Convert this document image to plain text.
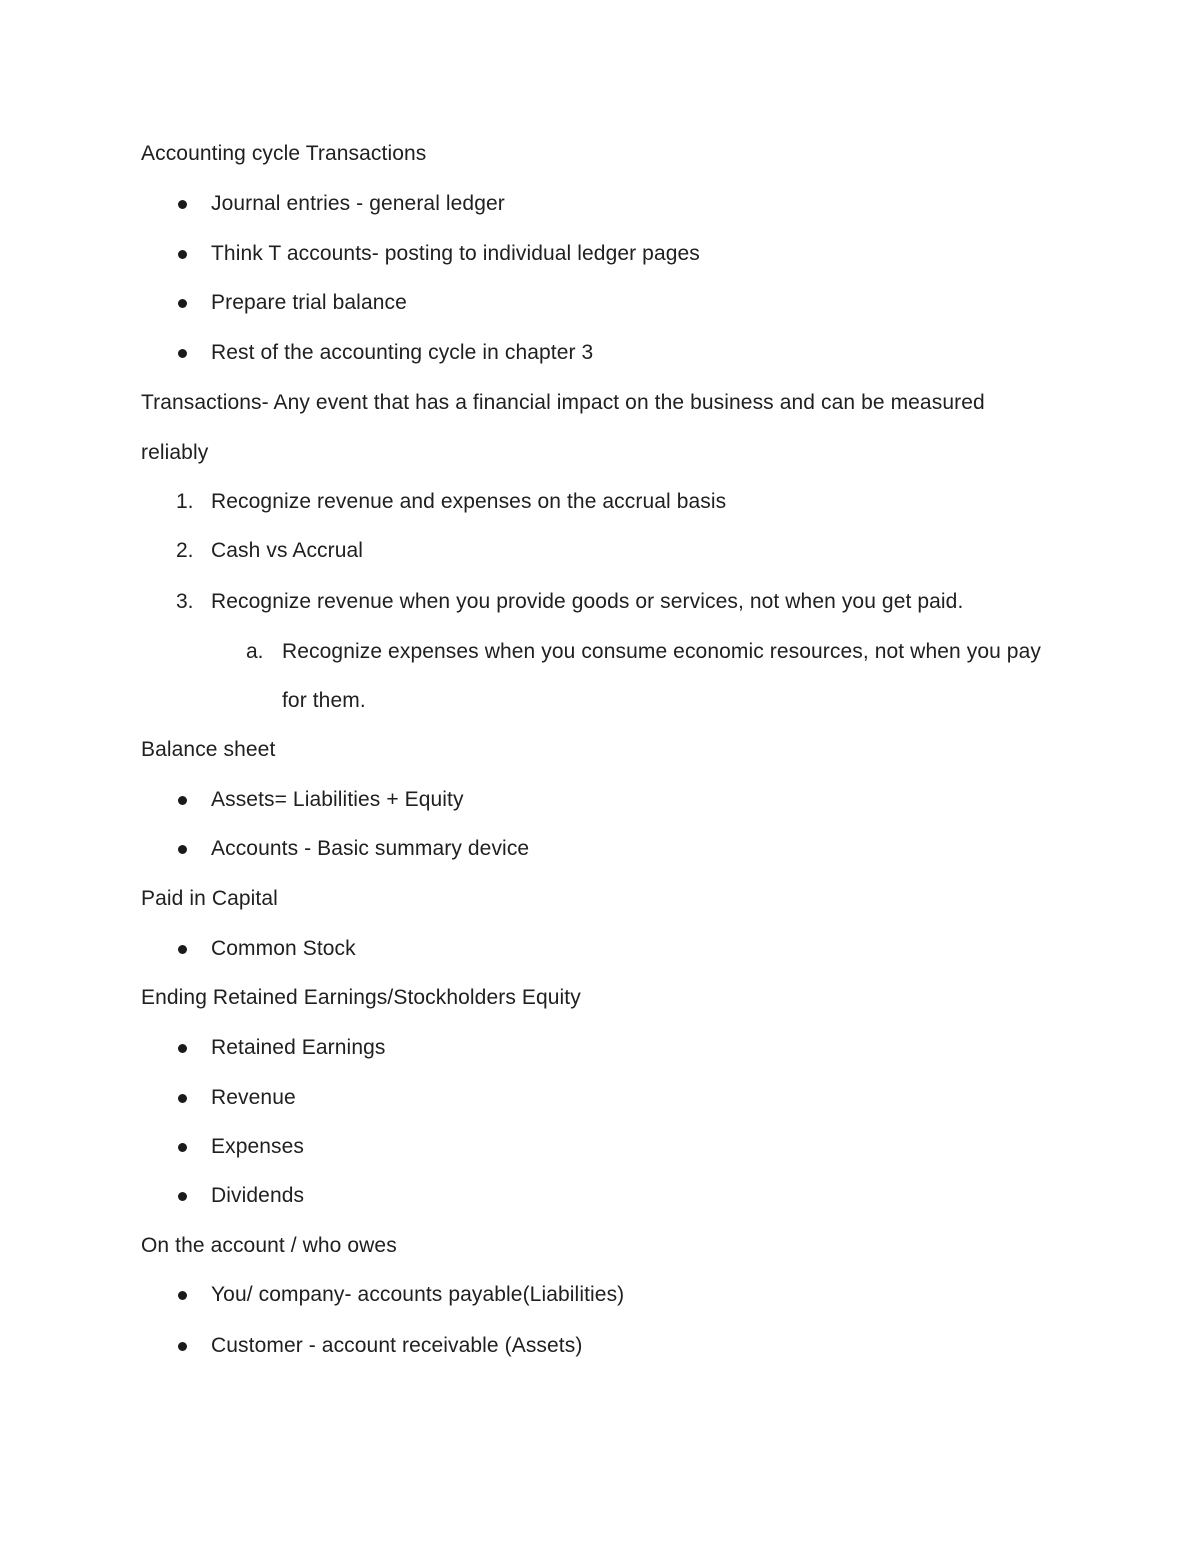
Accounting cycle Transactions
Journal entries - general ledger
Think T accounts- posting to individual ledger pages
Prepare trial balance
Rest of the accounting cycle in chapter 3
Transactions- Any event that has a financial impact on the business and can be measured
reliably
1. Recognize revenue and expenses on the accrual basis
2. Cash vs Accrual
3. Recognize revenue when you provide goods or services, not when you get paid.
a. Recognize expenses when you consume economic resources, not when you pay
for them.
Balance sheet
Assets= Liabilities + Equity
Accounts - Basic summary device
Paid in Capital
Common Stock
Ending Retained Earnings/Stockholders Equity
Retained Earnings
Revenue
Expenses
Dividends
On the account / who owes
You/ company- accounts payable(Liabilities)
Customer - account receivable (Assets)
